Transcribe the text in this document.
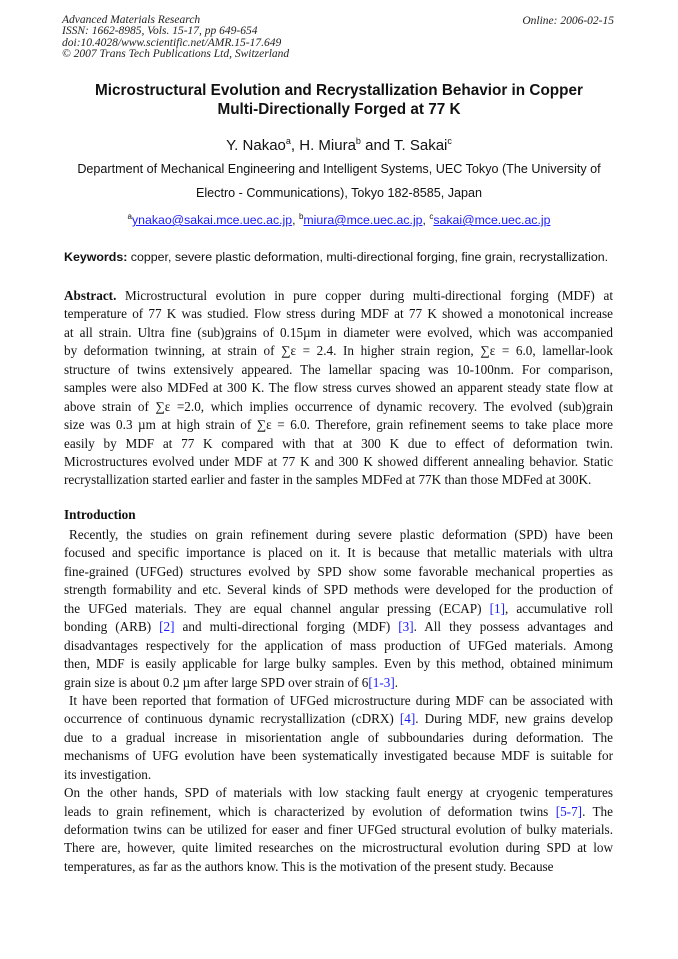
Advanced Materials Research
ISSN: 1662-8985, Vols. 15-17, pp 649-654
doi:10.4028/www.scientific.net/AMR.15-17.649
© 2007 Trans Tech Publications Ltd, Switzerland
Online: 2006-02-15
Microstructural Evolution and Recrystallization Behavior in Copper
Multi-Directionally Forged at 77 K
Y. Nakao$^a$, H. Miura$^b$ and T. Sakai$^c$
Department of Mechanical Engineering and Intelligent Systems, UEC Tokyo (The University of
Electro - Communications), Tokyo 182-8585, Japan
$^a$ynakao@sakai.mce.uec.ac.jp, $^b$miura@mce.uec.ac.jp, $^c$sakai@mce.uec.ac.jp
Keywords: copper, severe plastic deformation, multi-directional forging, fine grain, recrystallization.
Abstract. Microstructural evolution in pure copper during multi-directional forging (MDF) at
temperature of 77 K was studied. Flow stress during MDF at 77 K showed a monotonical increase
at all strain. Ultra fine (sub)grains of 0.15µm in diameter were evolved, which was accompanied
by deformation twinning, at strain of ∑ε = 2.4. In higher strain region, ∑ε = 6.0, lamellar-look
structure of twins extensively appeared. The lamellar spacing was 10-100nm. For comparison,
samples were also MDFed at 300 K. The flow stress curves showed an apparent steady state flow at
above strain of ∑ε =2.0, which implies occurrence of dynamic recovery. The evolved (sub)grain
size was 0.3 µm at high strain of ∑ε = 6.0. Therefore, grain refinement seems to take place more
easily by MDF at 77 K compared with that at 300 K due to effect of deformation twin.
Microstructures evolved under MDF at 77 K and 300 K showed different annealing behavior. Static
recrystallization started earlier and faster in the samples MDFed at 77K than those MDFed at 300K.
Introduction
Recently, the studies on grain refinement during severe plastic deformation (SPD) have been
focused and specific importance is placed on it. It is because that metallic materials with ultra
fine-grained (UFGed) structures evolved by SPD show some favorable mechanical properties as
strength formability and etc. Several kinds of SPD methods were developed for the production of
the UFGed materials. They are equal channel angular pressing (ECAP) [1], accumulative roll
bonding (ARB) [2] and multi-directional forging (MDF) [3]. All they possess advantages and
disadvantages respectively for the application of mass production of UFGed materials. Among
then, MDF is easily applicable for large bulky samples. Even by this method, obtained minimum
grain size is about 0.2 µm after large SPD over strain of 6[1-3].
It have been reported that formation of UFGed microstructure during MDF can be associated with
occurrence of continuous dynamic recrystallization (cDRX) [4]. During MDF, new grains develop
due to a gradual increase in misorientation angle of subboundaries during deformation. The
mechanisms of UFG evolution have been systematically investigated because MDF is suitable for
its investigation.
On the other hands, SPD of materials with low stacking fault energy at cryogenic temperatures
leads to grain refinement, which is characterized by evolution of deformation twins [5-7]. The
deformation twins can be utilized for easer and finer UFGed structural evolution of bulky materials.
There are, however, quite limited researches on the microstructural evolution during SPD at low
temperatures, as far as the authors know. This is the motivation of the present study. Because
